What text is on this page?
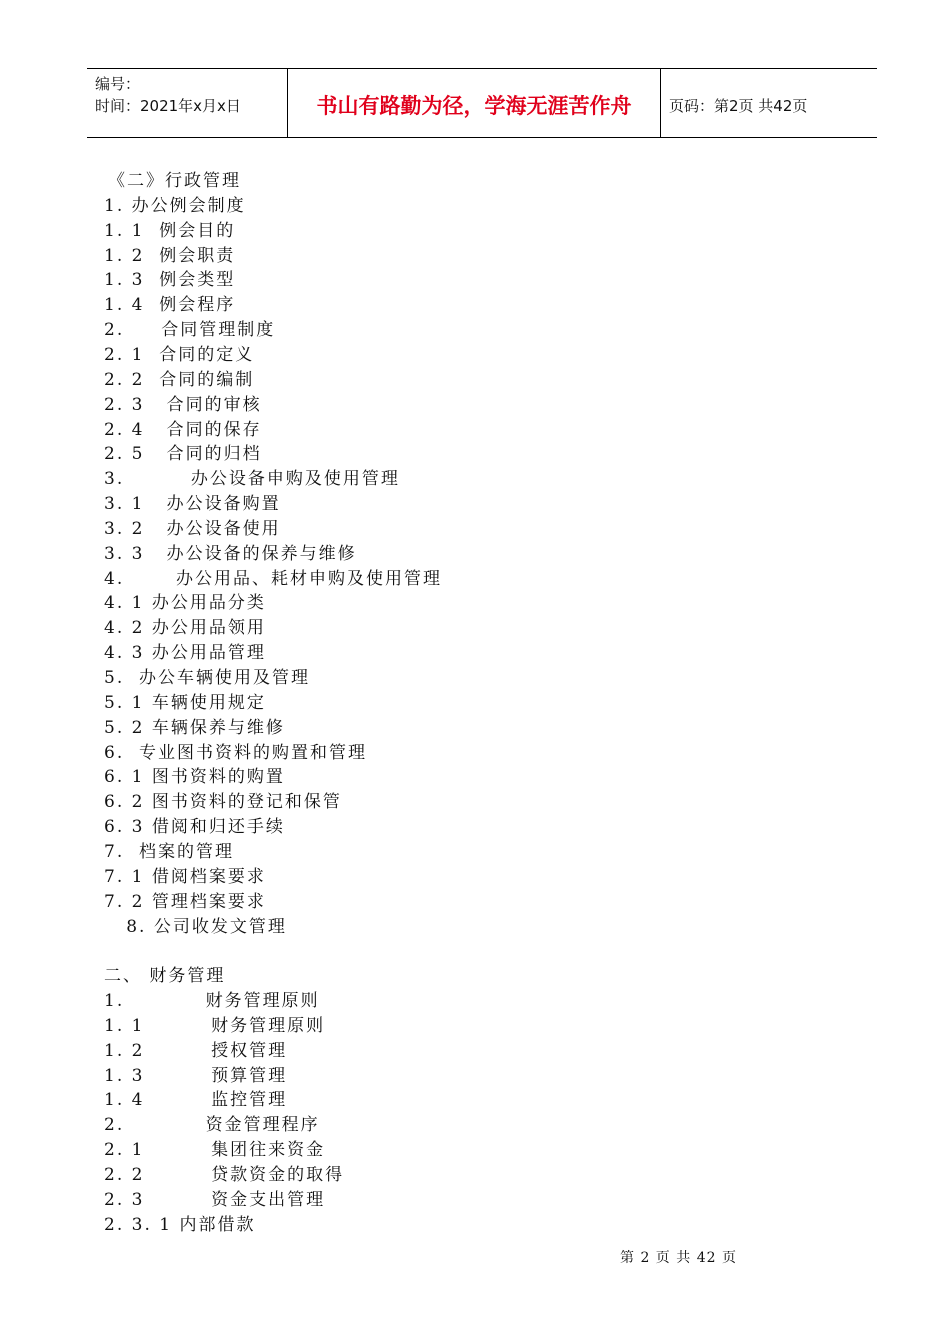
编号：
时间：2021年x月x日	书山有路勤为径，学海无涯苦作舟	页码：第2页 共42页
《二》行政管理
1. 办公例会制度
1. 1  例会目的
1. 2  例会职责
1. 3  例会类型
1. 4  例会程序
2.     合同管理制度
2. 1  合同的定义
2. 2  合同的编制
2. 3   合同的审核
2. 4   合同的保存
2. 5   合同的归档
3.         办公设备申购及使用管理
3. 1   办公设备购置
3. 2   办公设备使用
3. 3   办公设备的保养与维修
4.       办公用品、耗材申购及使用管理
4. 1 办公用品分类
4. 2 办公用品领用
4. 3 办公用品管理
5.  办公车辆使用及管理
5. 1 车辆使用规定
5. 2 车辆保养与维修
6.  专业图书资料的购置和管理
6. 1 图书资料的购置
6. 2 图书资料的登记和保管
6. 3 借阅和归还手续
7.  档案的管理
7. 1 借阅档案要求
7. 2 管理档案要求
8. 公司收发文管理
二、 财务管理
1.           财务管理原则
1. 1         财务管理原则
1. 2         授权管理
1. 3         预算管理
1. 4         监控管理
2.           资金管理程序
2. 1         集团往来资金
2. 2         贷款资金的取得
2. 3         资金支出管理
2. 3. 1 内部借款
第 2 页 共 42 页
